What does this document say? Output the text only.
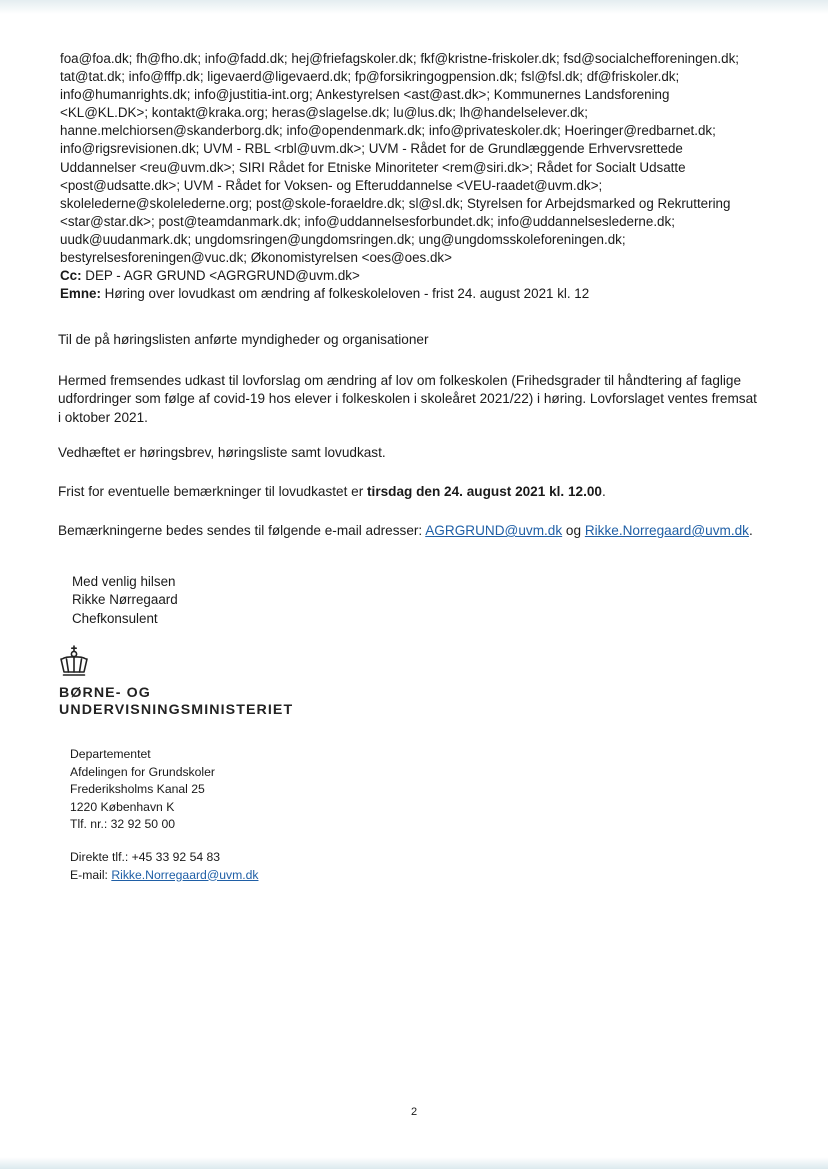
foa@foa.dk; fh@fho.dk; info@fadd.dk; hej@friefagskoler.dk; fkf@kristne-friskoler.dk; fsd@socialchefforeningen.dk;
tat@tat.dk; info@fffp.dk; ligevaerd@ligevaerd.dk; fp@forsikringogpension.dk; fsl@fsl.dk; df@friskoler.dk;
info@humanrights.dk; info@justitia-int.org; Ankestyrelsen <ast@ast.dk>; Kommunernes Landsforening
<KL@KL.DK>; kontakt@kraka.org; heras@slagelse.dk; lu@lus.dk; lh@handelselever.dk;
hanne.melchiorsen@skanderborg.dk; info@opendenmark.dk; info@privateskoler.dk; Hoeringer@redbarnet.dk;
info@rigsrevisionen.dk; UVM - RBL <rbl@uvm.dk>; UVM - Rådet for de Grundlæggende Erhvervsrettede
Uddannelser <reu@uvm.dk>; SIRI Rådet for Etniske Minoriteter <rem@siri.dk>; Rådet for Socialt Udsatte
<post@udsatte.dk>; UVM - Rådet for Voksen- og Efteruddannelse <VEU-raadet@uvm.dk>;
skolelederne@skolelederne.org; post@skole-foraeldre.dk; sl@sl.dk; Styrelsen for Arbejdsmarked og Rekruttering
<star@star.dk>; post@teamdanmark.dk; info@uddannelsesforbundet.dk; info@uddannelseslederne.dk;
uudk@uudanmark.dk; ungdomsringen@ungdomsringen.dk; ung@ungdomsskoleforeningen.dk;
bestyrelsesforeningen@vuc.dk; Økonomistyrelsen <oes@oes.dk>
Cc: DEP - AGR GRUND <AGRGRUND@uvm.dk>
Emne: Høring over lovudkast om ændring af folkeskoleloven - frist 24. august 2021 kl. 12
Til de på høringslisten anførte myndigheder og organisationer
Hermed fremsendes udkast til lovforslag om ændring af lov om folkeskolen (Frihedsgrader til håndtering af faglige
udfordringer som følge af covid-19 hos elever i folkeskolen i skoleåret 2021/22) i høring. Lovforslaget ventes fremsat
i oktober 2021.
Vedhæftet er høringsbrev, høringsliste samt lovudkast.
Frist for eventuelle bemærkninger til lovudkastet er tirsdag den 24. august 2021 kl. 12.00.
Bemærkningerne bedes sendes til følgende e-mail adresser: AGRGRUND@uvm.dk og Rikke.Norregaard@uvm.dk.
Med venlig hilsen
Rikke Nørregaard
Chefkonsulent
BØRNE- OG
UNDERVISNINGSMINISTERIET
Departementet
Afdelingen for Grundskoler
Frederiksholms Kanal 25
1220 København K
Tlf. nr.: 32 92 50 00
Direkte tlf.: +45 33 92 54 83
E-mail: Rikke.Norregaard@uvm.dk
2
